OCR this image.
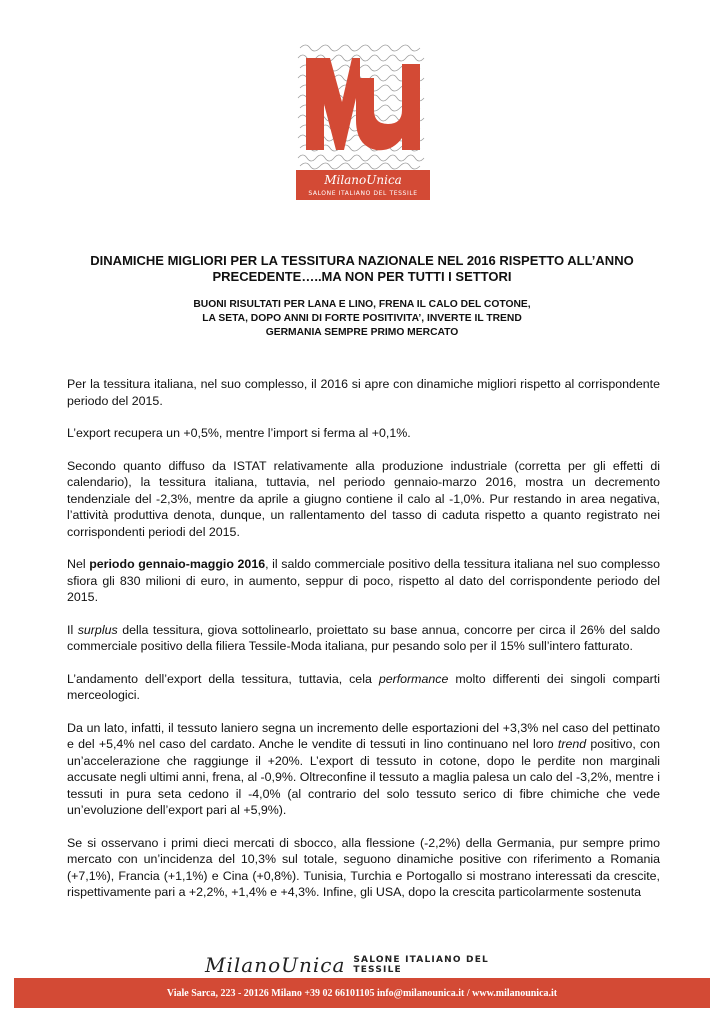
MilanoUnica
SALONE ITALIANO DEL TESSILE
DINAMICHE MIGLIORI PER LA TESSITURA NAZIONALE NEL 2016 RISPETTO ALL’ANNO
PRECEDENTE…..MA NON PER TUTTI I SETTORI
BUONI RISULTATI PER LANA E LINO, FRENA IL CALO DEL COTONE,
LA SETA, DOPO ANNI DI FORTE POSITIVITA’, INVERTE IL TREND
GERMANIA SEMPRE PRIMO MERCATO

Per la tessitura italiana, nel suo complesso, il 2016 si apre con dinamiche migliori rispetto al corrispondente periodo del 2015.

L’export recupera un +0,5%, mentre l’import si ferma al +0,1%.

Secondo quanto diffuso da ISTAT relativamente alla produzione industriale (corretta per gli effetti di calendario), la tessitura italiana, tuttavia, nel periodo gennaio-marzo 2016, mostra un decremento tendenziale del -2,3%, mentre da aprile a giugno contiene il calo al -1,0%. Pur restando in area negativa, l’attività produttiva denota, dunque, un rallentamento del tasso di caduta rispetto a quanto registrato nei corrispondenti periodi del 2015.

Nel periodo gennaio-maggio 2016, il saldo commerciale positivo della tessitura italiana nel suo complesso sfiora gli 830 milioni di euro, in aumento, seppur di poco, rispetto al dato del corrispondente periodo del 2015.

Il surplus della tessitura, giova sottolinearlo, proiettato su base annua, concorre per circa il 26% del saldo commerciale positivo della filiera Tessile-Moda italiana, pur pesando solo per il 15% sull’intero fatturato.

L’andamento dell’export della tessitura, tuttavia, cela performance molto differenti dei singoli comparti merceologici.

Da un lato, infatti, il tessuto laniero segna un incremento delle esportazioni del +3,3% nel caso del pettinato e del +5,4% nel caso del cardato. Anche le vendite di tessuti in lino continuano nel loro trend positivo, con un’accelerazione che raggiunge il +20%. L’export di tessuto in cotone, dopo le perdite non marginali accusate negli ultimi anni, frena, al -0,9%. Oltreconfine il tessuto a maglia palesa un calo del -3,2%, mentre i tessuti in pura seta cedono il -4,0% (al contrario del solo tessuto serico di fibre chimiche che vede un’evoluzione dell’export pari al +5,9%).

Se si osservano i primi dieci mercati di sbocco, alla flessione (-2,2%) della Germania, pur sempre primo mercato con un’incidenza del 10,3% sul totale, seguono dinamiche positive con riferimento a Romania (+7,1%), Francia (+1,1%) e Cina (+0,8%). Tunisia, Turchia e Portogallo si mostrano interessati da crescite, rispettivamente pari a +2,2%, +1,4% e +4,3%. Infine, gli USA, dopo la crescita particolarmente sostenuta

MilanoUnica SALONE ITALIANO DEL TESSILE
Viale Sarca, 223 - 20126 Milano +39 02 66101105 info@milanounica.it / www.milanounica.it
